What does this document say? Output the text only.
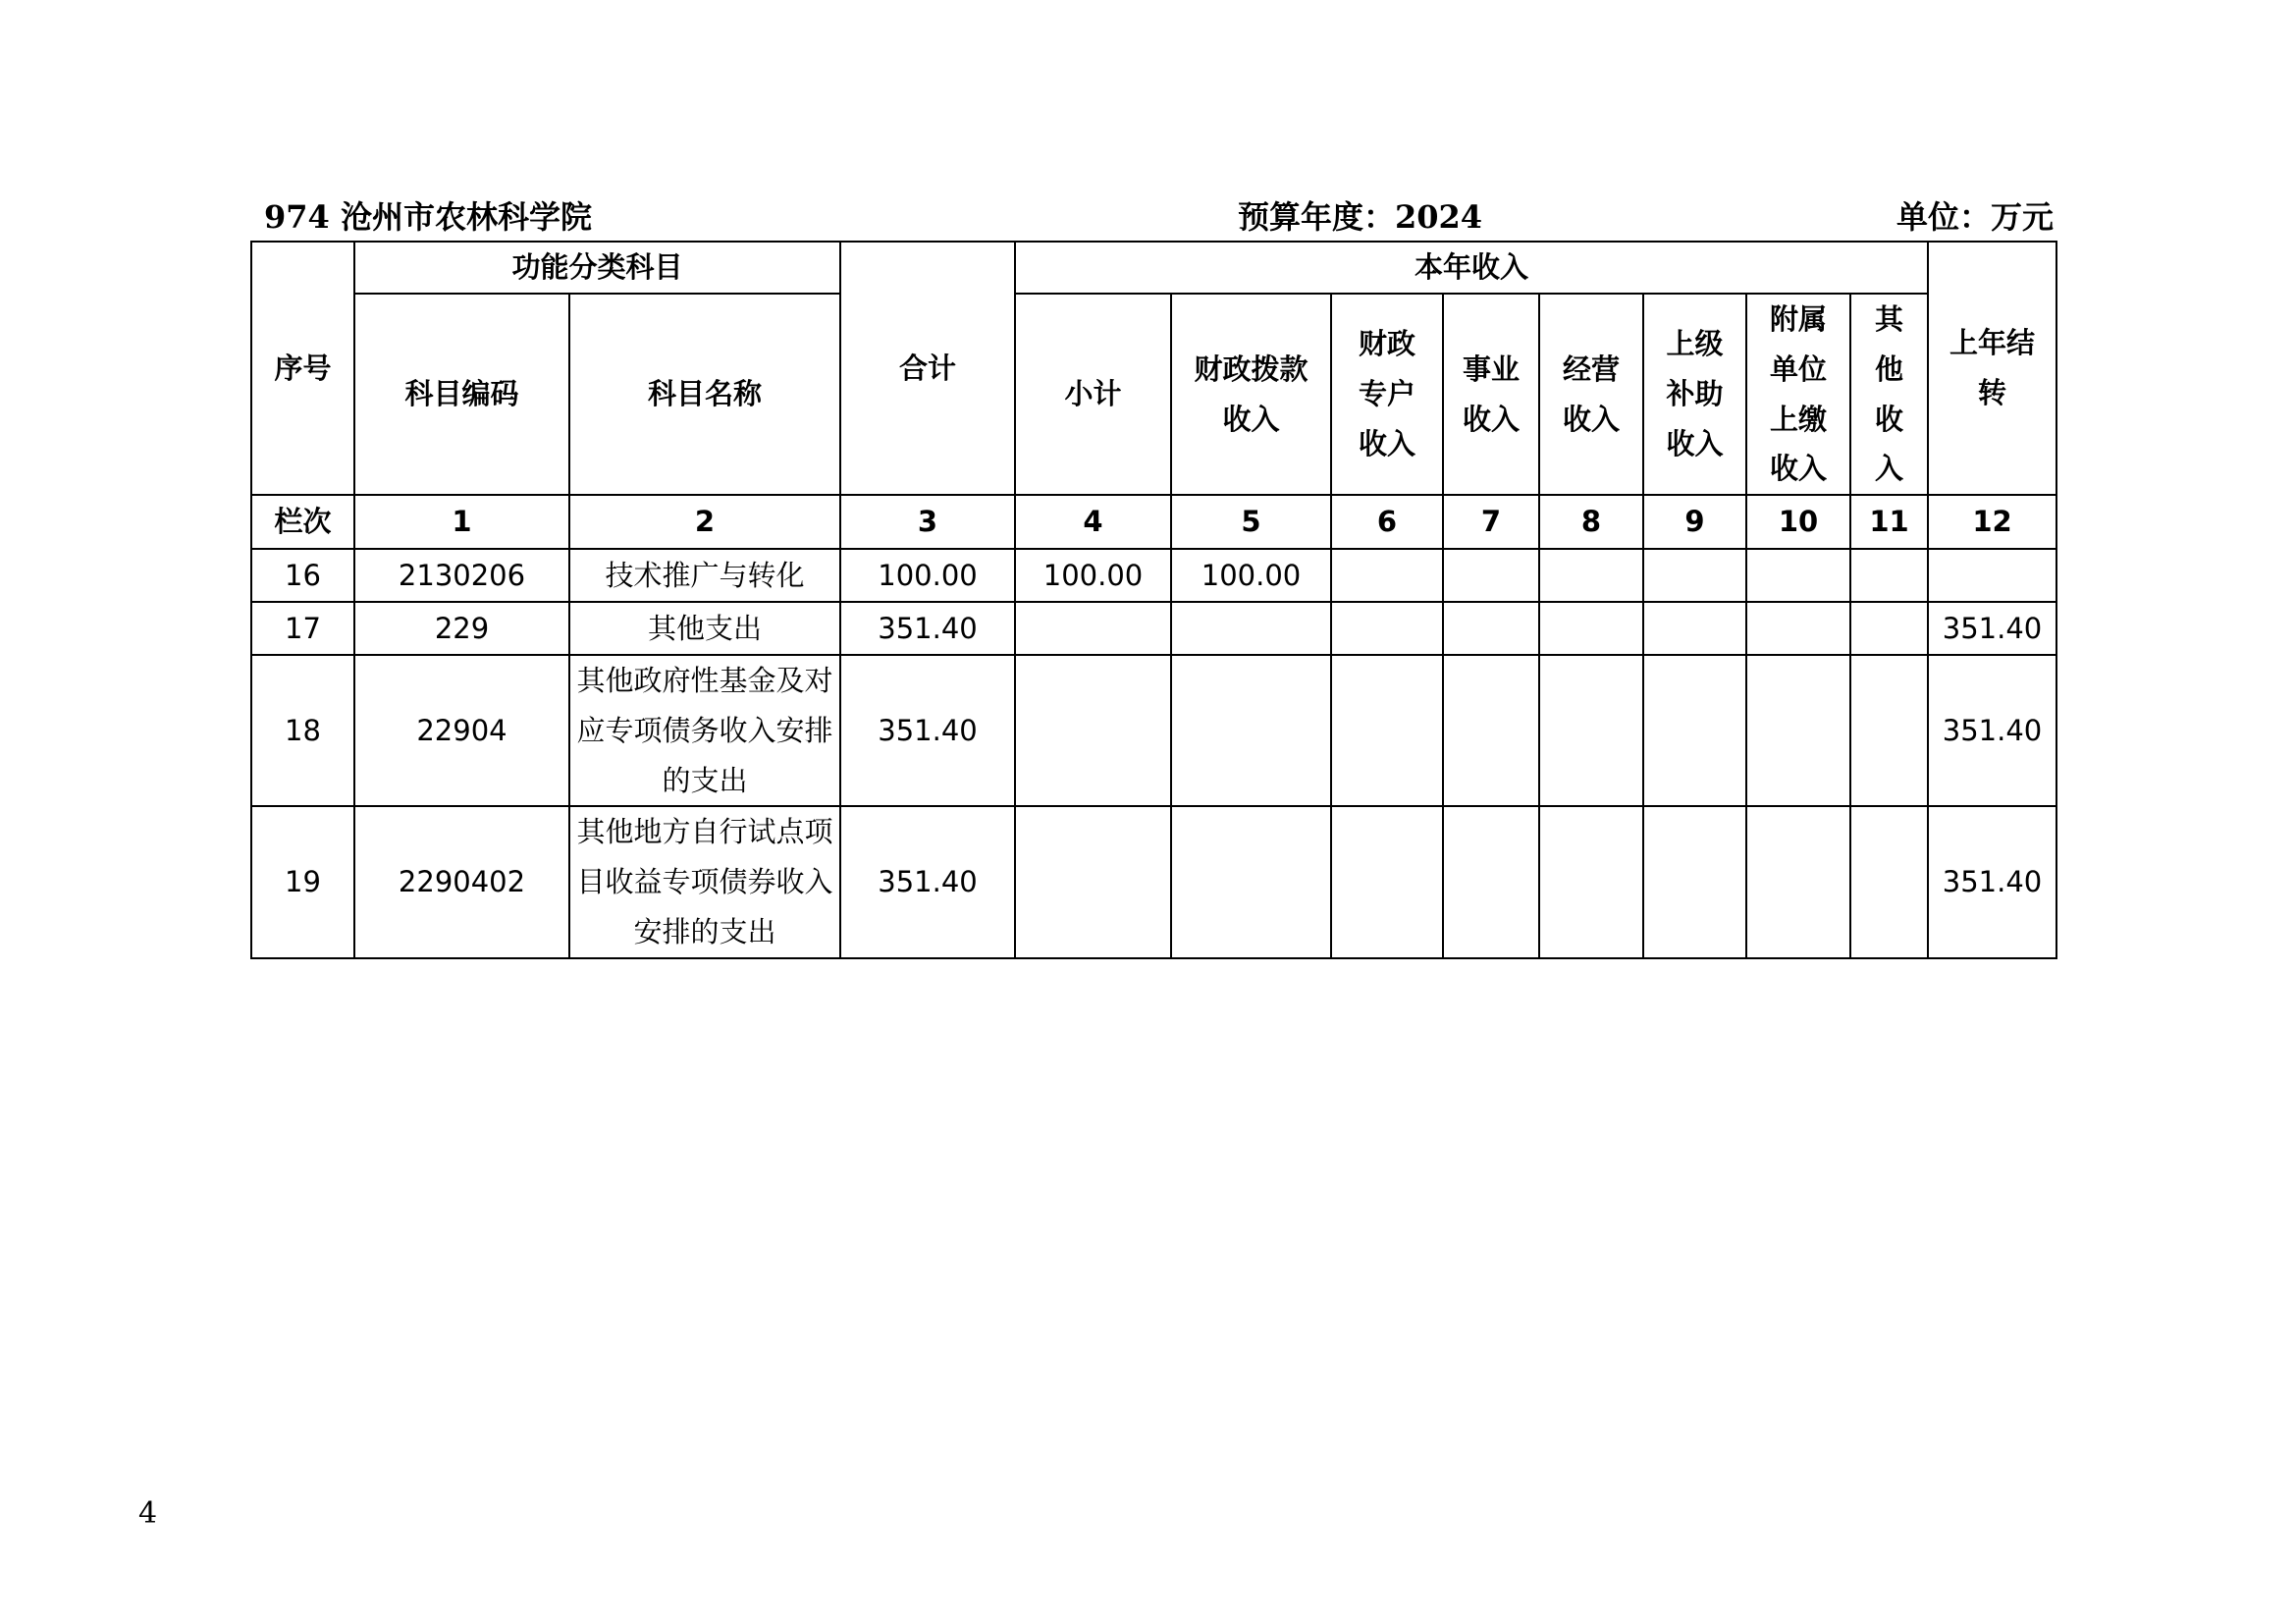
974 沧州市农林科学院	预算年度：2024	单位：万元
序号	功能分类科目		合计	本年收入								上年结转
	科目编码	科目名称		小计	财政拨款收入	财政专户收入	事业收入	经营收入	上级补助收入	附属单位上缴收入	其他收入	
栏次	1	2	3	4	5	6	7	8	9	10	11	12
16	2130206	技术推广与转化	100.00	100.00	100.00							
17	229	其他支出	351.40									351.40
18	22904	其他政府性基金及对应专项债务收入安排的支出	351.40									351.40
19	2290402	其他地方自行试点项目收益专项债券收入安排的支出	351.40									351.40
4
